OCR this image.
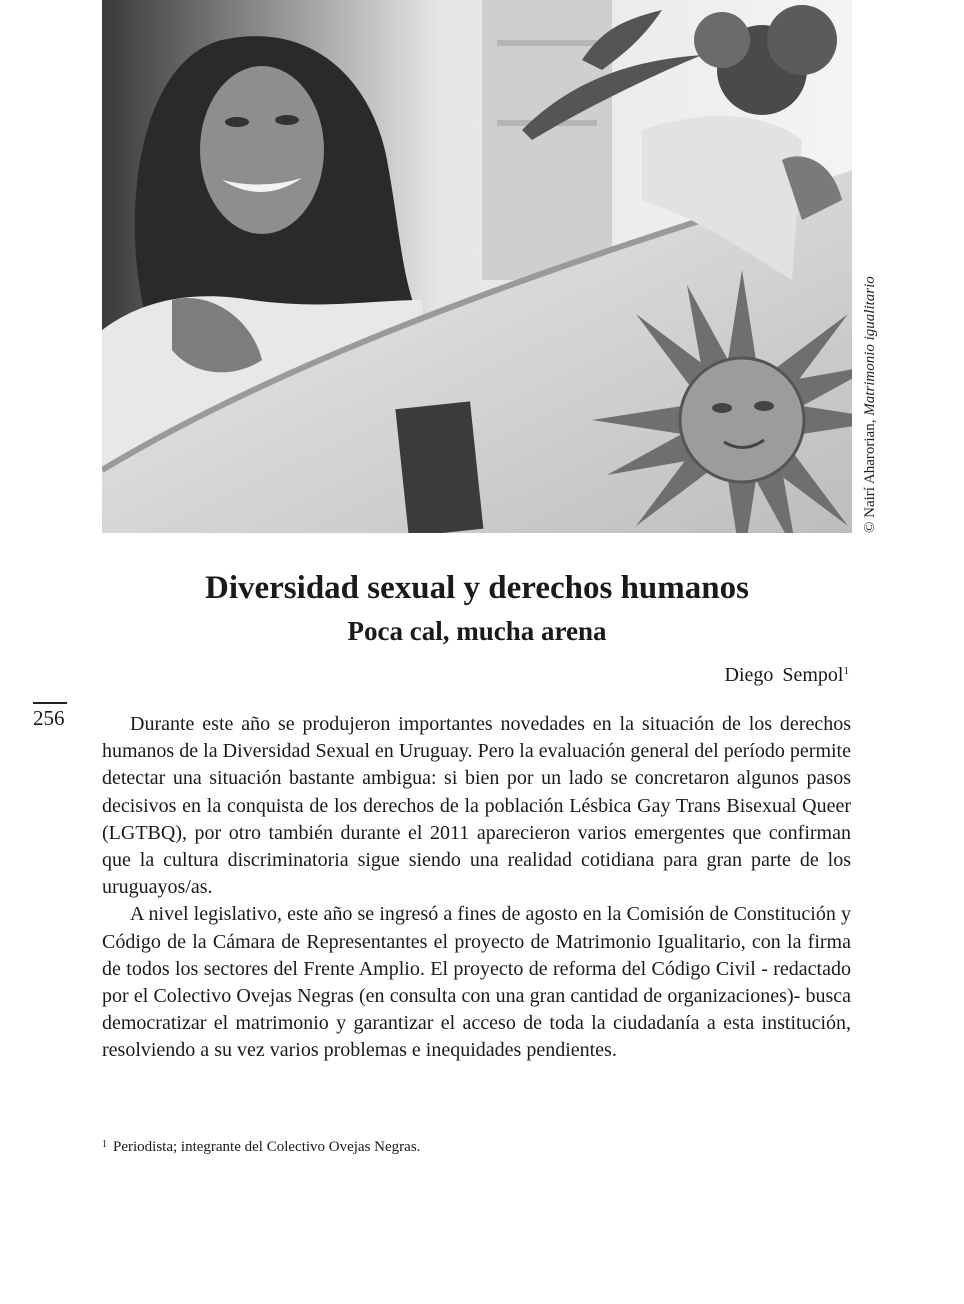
© Nairí Aharorian, Matrimonio igualitario
Diversidad sexual y derechos humanos
Poca cal, mucha arena
Diego Sempol$^1$
256	Durante este año se produjeron importantes novedades en la situación de los derechos humanos de la Diversidad Sexual en Uruguay. Pero la evaluación general del período permite detectar una situación bastante ambigua: si bien por un lado se concretaron algunos pasos decisivos en la conquista de los derechos de la población Lésbica Gay Trans Bisexual Queer (LGTBQ), por otro también durante el 2011 aparecieron varios emergentes que confirman que la cultura discriminatoria sigue siendo una realidad cotidiana para gran parte de los uruguayos/as.

A nivel legislativo, este año se ingresó a fines de agosto en la Comisión de Constitución y Código de la Cámara de Representantes el proyecto de Matrimonio Igualitario, con la firma de todos los sectores del Frente Amplio. El proyecto de reforma del Código Civil - redactado por el Colectivo Ovejas Negras (en consulta con una gran cantidad de organizaciones)- busca democratizar el matrimonio y garantizar el acceso de toda la ciudadanía a esta institución, resolviendo a su vez varios problemas e inequidades pendientes.

$^1$ Periodista; integrante del Colectivo Ovejas Negras.
